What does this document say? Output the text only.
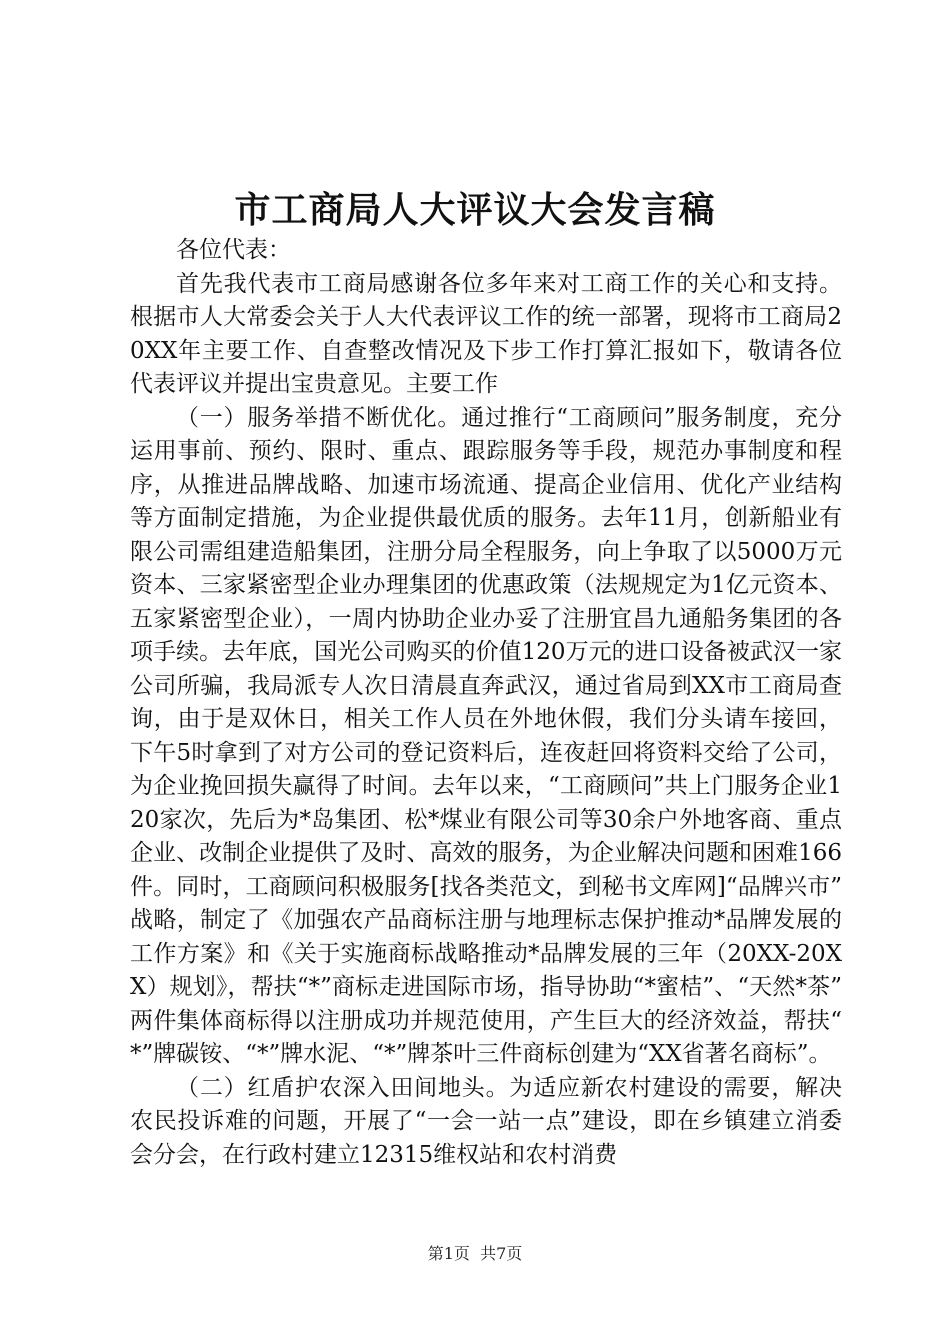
市工商局人大评议大会发言稿

各位代表：

首先我代表市工商局感谢各位多年来对工商工作的关心和支持。根据市人大常委会关于人大代表评议工作的统一部署，现将市工商局20XX年主要工作、自查整改情况及下步工作打算汇报如下，敬请各位代表评议并提出宝贵意见。主要工作

（一）服务举措不断优化。通过推行“工商顾问”服务制度，充分运用事前、预约、限时、重点、跟踪服务等手段，规范办事制度和程序，从推进品牌战略、加速市场流通、提高企业信用、优化产业结构等方面制定措施，为企业提供最优质的服务。去年11月，创新船业有限公司需组建造船集团，注册分局全程服务，向上争取了以5000万元资本、三家紧密型企业办理集团的优惠政策（法规规定为1亿元资本、五家紧密型企业），一周内协助企业办妥了注册宜昌九通船务集团的各项手续。去年底，国光公司购买的价值120万元的进口设备被武汉一家公司所骗，我局派专人次日清晨直奔武汉，通过省局到XX市工商局查询，由于是双休日，相关工作人员在外地休假，我们分头请车接回，下午5时拿到了对方公司的登记资料后，连夜赶回将资料交给了公司，为企业挽回损失赢得了时间。去年以来，“工商顾问”共上门服务企业120家次，先后为*岛集团、松*煤业有限公司等30余户外地客商、重点企业、改制企业提供了及时、高效的服务，为企业解决问题和困难166件。同时，工商顾问积极服务[找各类范文，到秘书文库网]“品牌兴市”战略，制定了《加强农产品商标注册与地理标志保护推动*品牌发展的工作方案》和《关于实施商标战略推动*品牌发展的三年（20XX-20XX）规划》，帮扶“*”商标走进国际市场，指导协助“*蜜桔”、“天然*茶”两件集体商标得以注册成功并规范使用，产生巨大的经济效益，帮扶“*”牌碳铵、“*”牌水泥、“*”牌茶叶三件商标创建为“XX省著名商标”。

（二）红盾护农深入田间地头。为适应新农村建设的需要，解决农民投诉难的问题，开展了“一会一站一点”建设，即在乡镇建立消委会分会，在行政村建立12315维权站和农村消费

第1页 共7页
